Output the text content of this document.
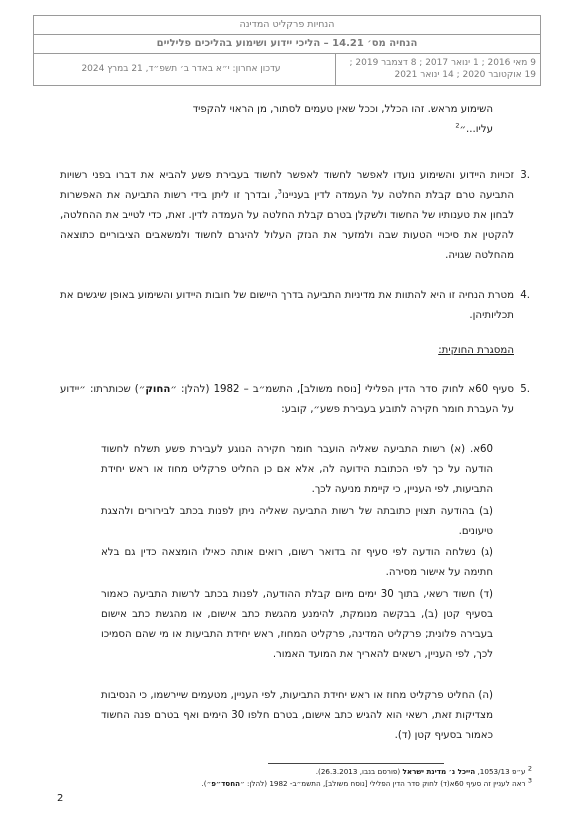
הנחיות פרקליט המדינה
הנחיה מס׳ 14.21 – הליכי יידוע ושימוע בהליכים פליליים
9 מאי 2016 ; 1 ינואר 2017 ; 8 דצמבר 2019 ;
19 אוקטובר 2020 ; 14 ינואר 2021
עדכון אחרון: י״א באדר ב׳ תשפ״ד, 21 במרץ 2024

השימוע מראש. זהו הכלל, וככל שאין טעמים לסתור, מן הראוי להקפיד
עליו...״$^2$

.3

זכויות היידוע והשימוע נועדו לאפשר לחשוד לאפשר לחשוד בעבירת פשע להביא את דברו בפני רשויות התביעה טרם קבלת החלטה על העמדה לדין בעניינו$^3$, ובדרך זו ליתן בידי רשות התביעה את האפשרות לבחון את טענותיו של החשוד ולשקלן בטרם קבלת החלטה על העמדה לדין. זאת, כדי לטייב את ההחלטה, להקטין את סיכויי הטעות שבה ולמזער את הנזק העלול להיגרם לחשוד ולמשאבים הציבוריים כתוצאה מהחלטה שגויה.

.4

מטרת הנחיה זו היא להתוות את מדיניות התביעה בדרך היישום של חובות היידוע והשימוע באופן שיגשים את תכליותיהן.

המסגרת החוקית:
.5

סעיף 60א לחוק סדר הדין הפלילי [נוסח משולב], התשמ״ב – 1982 (להלן: ״החוק״) שכותרתו: ״יידוע על העברת חומר חקירה לתובע בעבירת פשע״, קובע:

60א. (א) רשות התביעה שאליה הועבר חומר חקירה הנוגע לעבירת פשע תשלח לחשוד הודעה על כך לפי הכתובת הידועה לה, אלא אם כן החליט פרקליט מחוז או ראש יחידת התביעות, לפי העניין, כי קיימת מניעה לכך.

(ב) בהודעה תצוין כתובתה של רשות התביעה שאליה ניתן לפנות בכתב לבירורים ולהצגת טיעונים.

(ג) נשלחה הודעה לפי סעיף זה בדואר רשום, רואים אותה כאילו הומצאה כדין גם בלא חתימה על אישור מסירה.

(ד) חשוד רשאי, בתוך 30 ימים מיום קבלת ההודעה, לפנות בכתב לרשות התביעה כאמור בסעיף קטן (ב), בבקשה מנומקת, להימנע מהגשת כתב אישום, או מהגשת כתב אישום בעבירה פלונית; פרקליט המדינה, פרקליט המחוז, ראש יחידת התביעות או מי שהם הסמיכו לכך, לפי העניין, רשאים להאריך את המועד האמור.

(ה) החליט פרקליט מחוז או ראש יחידת התביעות, לפי העניין, מטעמים שיירשמו, כי הנסיבות מצדיקות זאת, רשאי הוא להגיש כתב אישום, בטרם חלפו 30 הימים ואף בטרם פנה החשוד כאמור בסעיף קטן (ד).

2 ע״פ 1053/13, הייכל נ׳ מדינת ישראל (פורסם בנבו, 26.3.2013).
3 ראה לעניין זה סעיף 60א(ד) לחוק סדר הדין הפלילי [נוסח משולב], התשמ״ב- 1982 (להלן: ״החסד״פ״).
2
